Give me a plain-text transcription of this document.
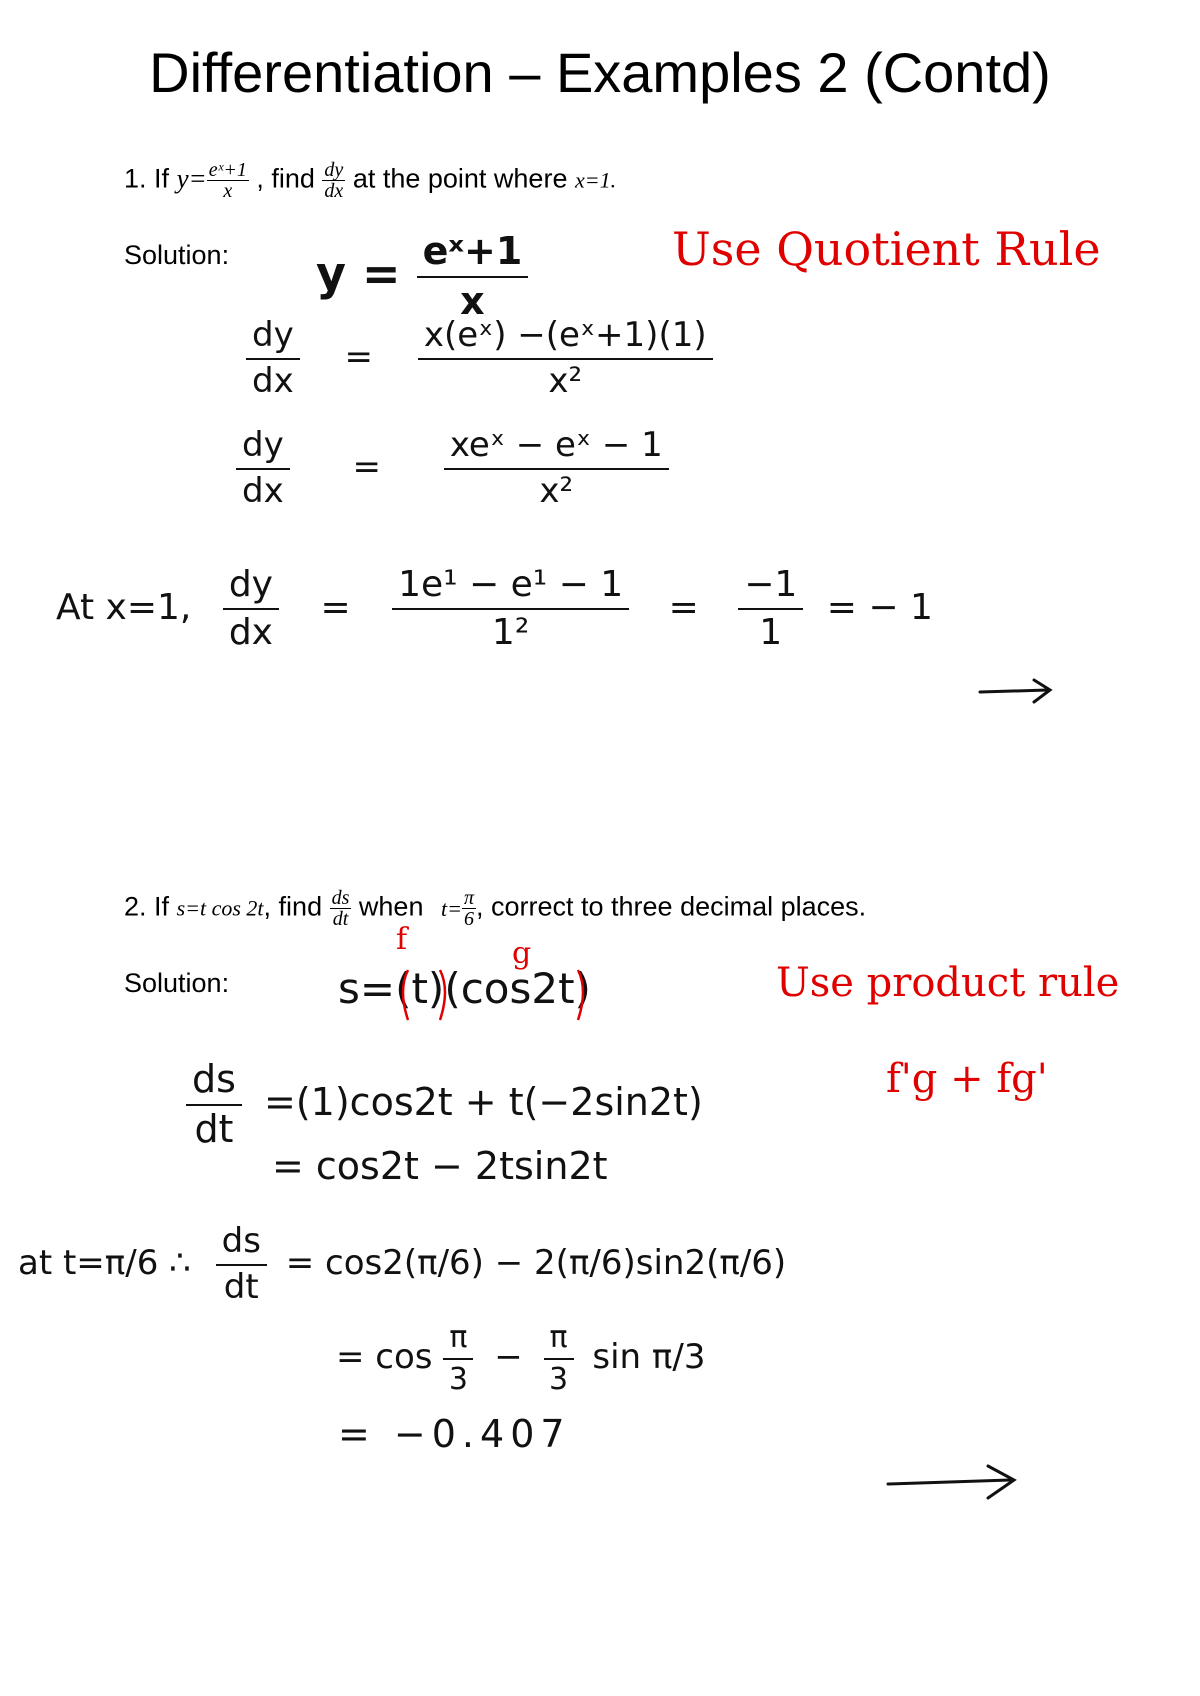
Differentiation – Examples 2 (Contd)
1. If $y= \frac{\text{eˣ+1}}{x}$ , find $\frac{dy}{dx}$ at the point where x=1.
Solution: $y = \frac{\text{eˣ+1}}{x}$	Use Quotient Rule
$\frac{dy}{dx} = \frac{\text{x(eˣ) −(eˣ+1)(1)}}{\text{x²}}$
$\frac{dy}{dx}$ =
xeˣ − eˣ − 1
x²
At x=1, $\frac{dy}{dx} = \frac{\text{1e¹ − e¹ − 1}}{\text{1²}} = \frac{-1}{1}$ = − 1
2. If s=t cos 2t, find $\frac{ds}{dt}$ when $t= \frac{\pi}{6}$ , correct to three decimal places.
Solution:
f	g
s=(t)(cos2t)	Use product rule
f'g + fg'
$\frac{ds}{dt} =(1)\cos 2t + t(-2\sin 2t)$
= cos2t − 2tsin2t
at t=π/6 ∴ $\frac{ds}{dt} = \cos 2(\pi/6) - 2(\pi/6)\sin 2(\pi/6)$
= $\cos \frac{\pi}{3} - \frac{\pi}{3}$ sin π/3
= −0.407
